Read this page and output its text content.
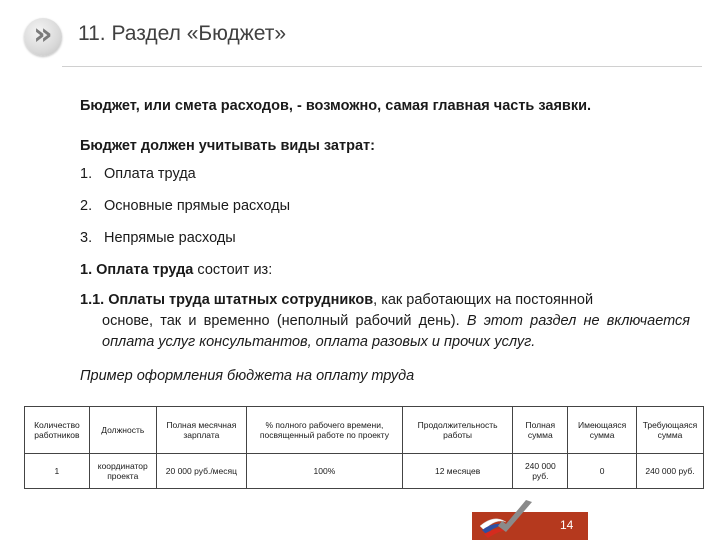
» 11. Раздел «Бюджет»
Бюджет, или смета расходов, - возможно, самая главная часть заявки.
Бюджет должен учитывать виды затрат:
1. Оплата труда
2. Основные прямые расходы
3. Непрямые расходы
1. Оплата труда состоит из:
1.1. Оплаты труда штатных сотрудников, как работающих на постоянной
основе, так и временно (неполный рабочий день). В этот раздел не включается оплата услуг консультантов, оплата разовых и прочих услуг.
Пример оформления бюджета на оплату труда
Количество работников	Должность	Полная месячная зарплата	% полного рабочего времени, посвященный работе по проекту	Продолжительность работы	Полная сумма	Имеющаяся сумма	Требующаяся сумма
1	координатор проекта	20 000 руб./месяц	100%	12 месяцев	240 000 руб.	0	240 000 руб.
14
